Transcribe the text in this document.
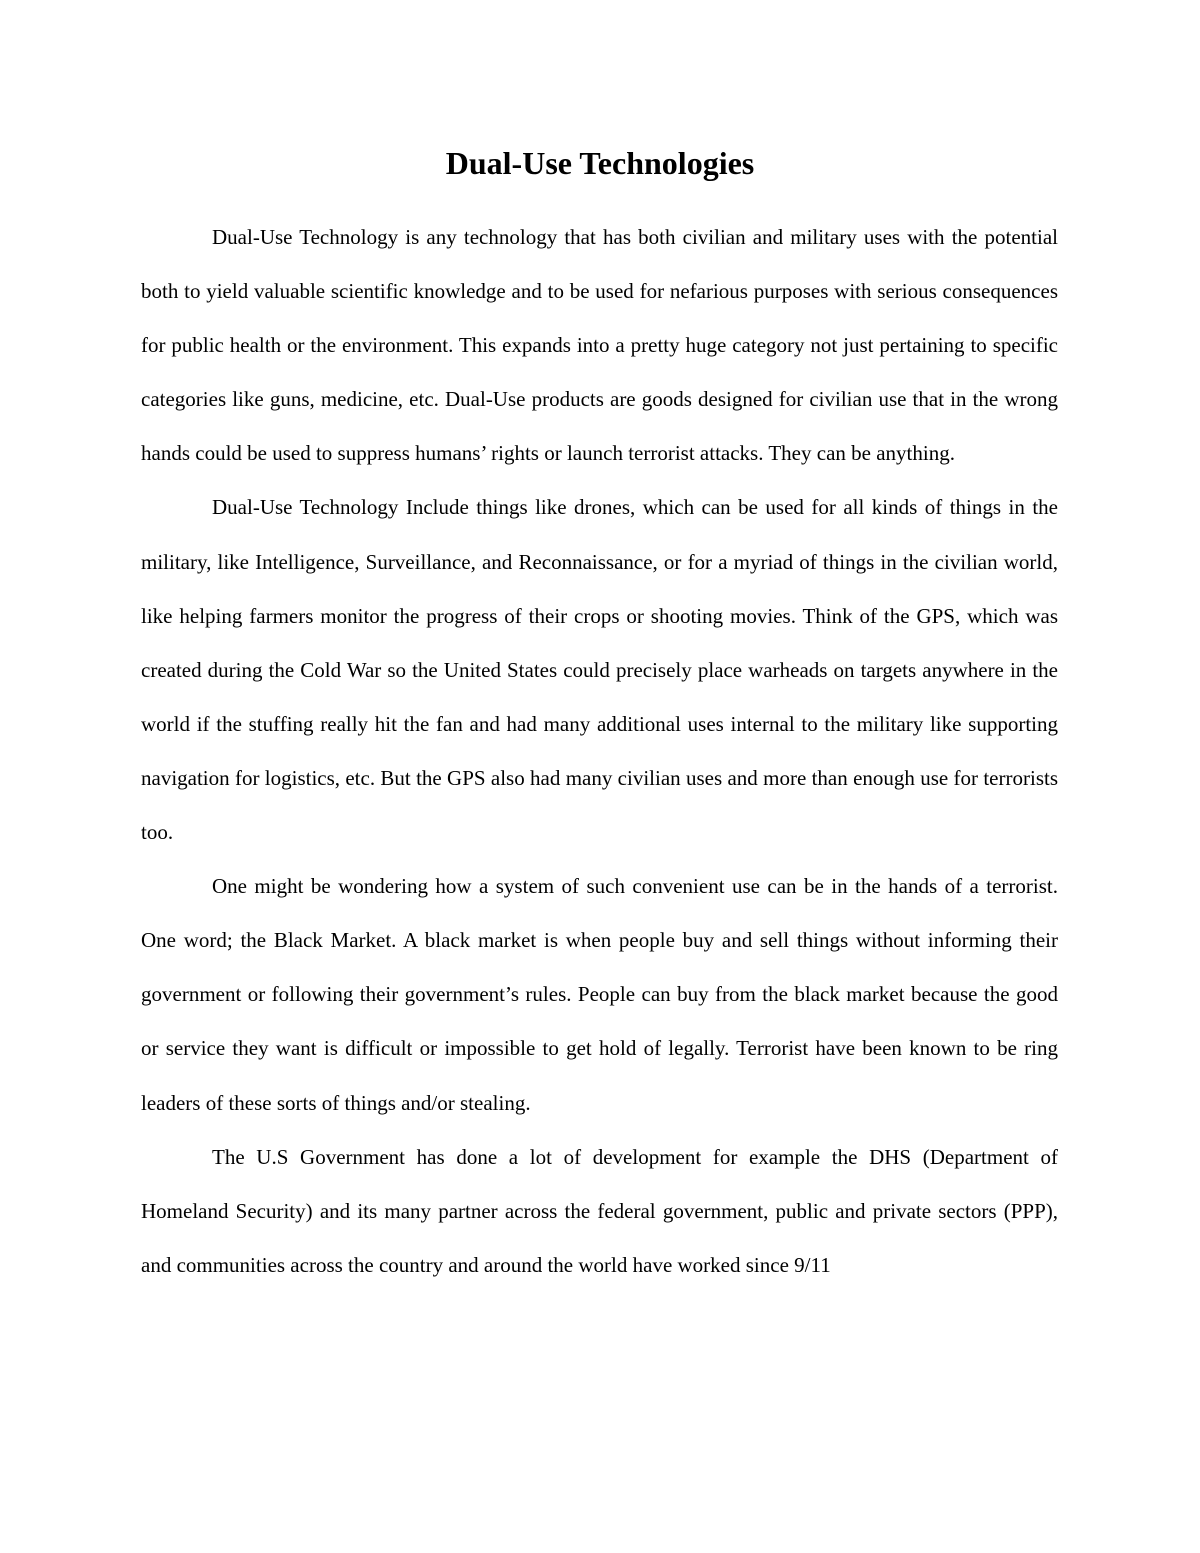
Dual-Use Technologies

Dual-Use Technology is any technology that has both civilian and military uses with the potential both to yield valuable scientific knowledge and to be used for nefarious purposes with serious consequences for public health or the environment. This expands into a pretty huge category not just pertaining to specific categories like guns, medicine, etc. Dual-Use products are goods designed for civilian use that in the wrong hands could be used to suppress humans’ rights or launch terrorist attacks. They can be anything.

Dual-Use Technology Include things like drones, which can be used for all kinds of things in the military, like Intelligence, Surveillance, and Reconnaissance, or for a myriad of things in the civilian world, like helping farmers monitor the progress of their crops or shooting movies. Think of the GPS, which was created during the Cold War so the United States could precisely place warheads on targets anywhere in the world if the stuffing really hit the fan and had many additional uses internal to the military like supporting navigation for logistics, etc. But the GPS also had many civilian uses and more than enough use for terrorists too.

One might be wondering how a system of such convenient use can be in the hands of a terrorist. One word; the Black Market. A black market is when people buy and sell things without informing their government or following their government’s rules. People can buy from the black market because the good or service they want is difficult or impossible to get hold of legally. Terrorist have been known to be ring leaders of these sorts of things and/or stealing.

The U.S Government has done a lot of development for example the DHS (Department of Homeland Security) and its many partner across the federal government, public and private sectors (PPP), and communities across the country and around the world have worked since 9/11
